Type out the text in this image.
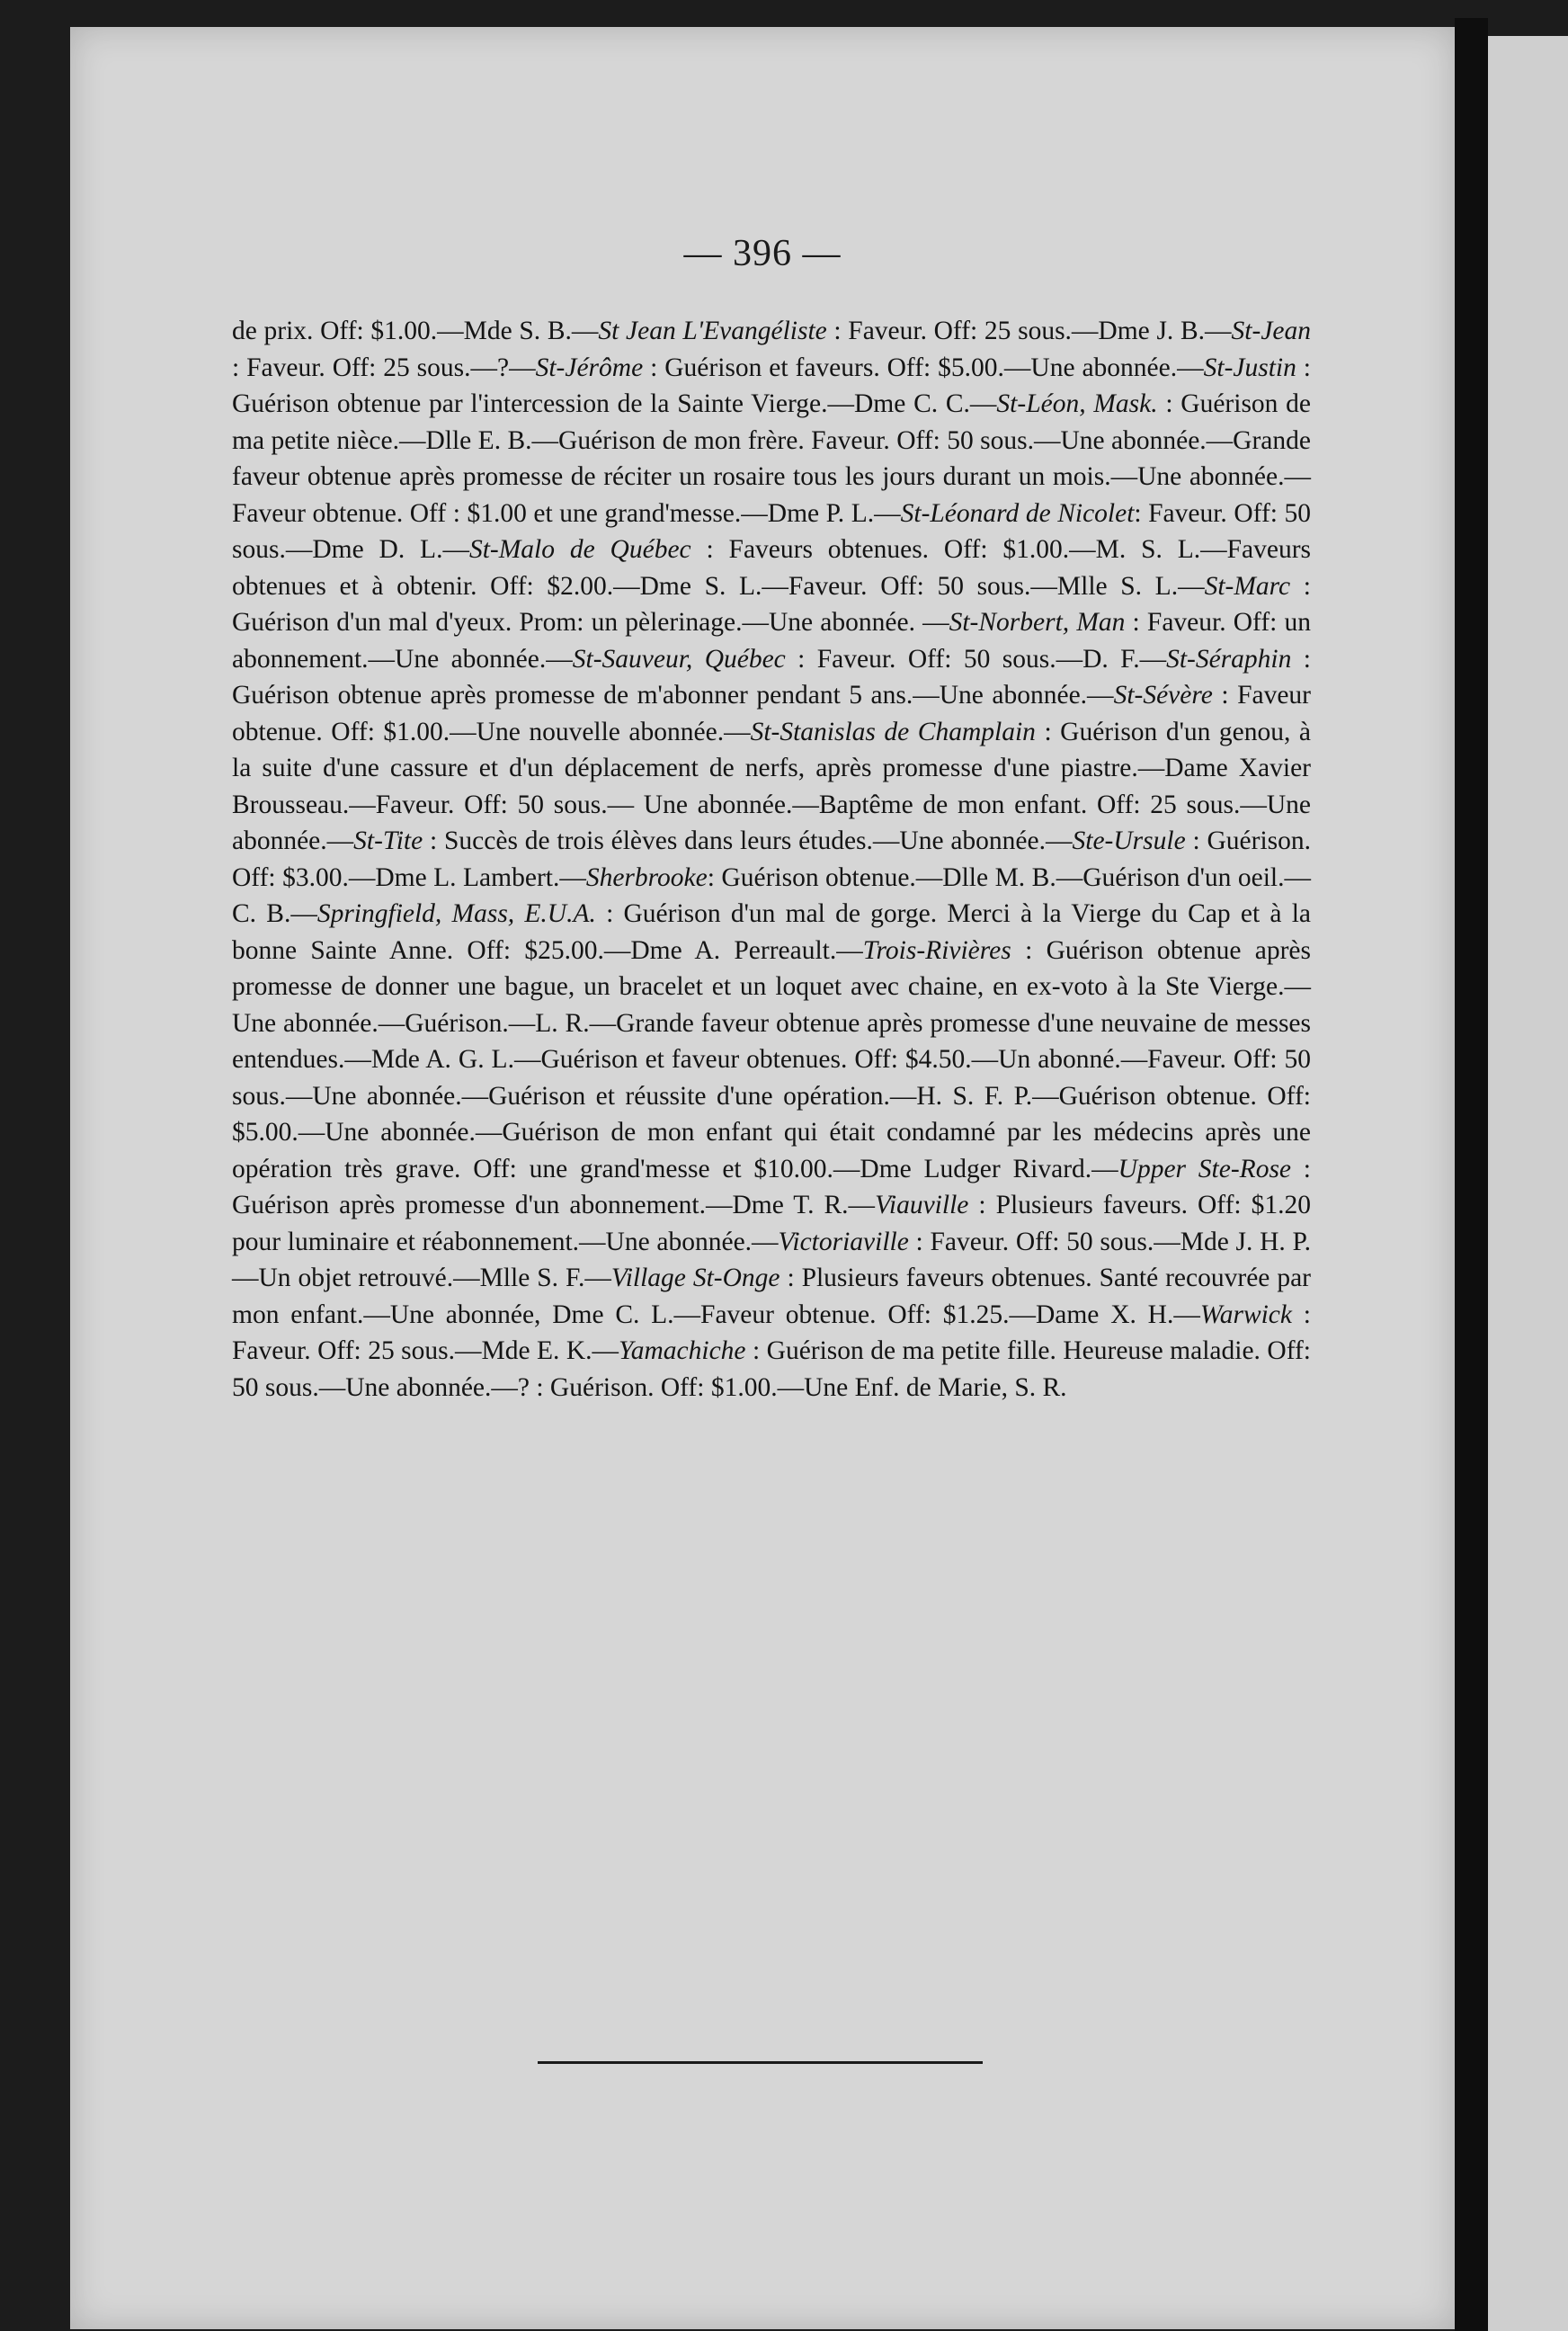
— 396 —
de prix. Off: $1.00.—Mde S. B.—St Jean L'Evangéliste : Faveur. Off: 25 sous.—Dme J. B.—St-Jean : Faveur. Off: 25 sous.—?—St-Jérôme : Guérison et faveurs. Off: $5.00.—Une abonnée.—St-Justin : Guérison obtenue par l'intercession de la Sainte Vierge.—Dme C. C.—St-Léon, Mask. : Guérison de ma petite nièce.—Dlle E. B.—Guérison de mon frère. Faveur. Off: 50 sous.—Une abonnée.—Grande faveur obtenue après promesse de réciter un rosaire tous les jours durant un mois.—Une abonnée.—Faveur obtenue. Off : $1.00 et une grand'messe.—Dme P. L.—St-Léonard de Nicolet: Faveur. Off: 50 sous.—Dme D. L.—St-Malo de Québec : Faveurs obtenues. Off: $1.00.—M. S. L.—Faveurs obtenues et à obtenir. Off: $2.00.—Dme S. L.—Faveur. Off: 50 sous.—Mlle S. L.—St-Marc : Guérison d'un mal d'yeux. Prom: un pèlerinage.—Une abonnée. —St-Norbert, Man : Faveur. Off: un abonnement.—Une abonnée.—St-Sauveur, Québec : Faveur. Off: 50 sous.—D. F.—St-Séraphin : Guérison obtenue après promesse de m'abonner pendant 5 ans.—Une abonnée.—St-Sévère : Faveur obtenue. Off: $1.00.—Une nouvelle abonnée.—St-Stanislas de Champlain : Guérison d'un genou, à la suite d'une cassure et d'un déplacement de nerfs, après promesse d'une piastre.—Dame Xavier Brousseau.—Faveur. Off: 50 sous.— Une abonnée.—Baptême de mon enfant. Off: 25 sous.—Une abonnée.—St-Tite : Succès de trois élèves dans leurs études.—Une abonnée.—Ste-Ursule : Guérison. Off: $3.00.—Dme L. Lambert.—Sherbrooke: Guérison obtenue.—Dlle M. B.—Guérison d'un oeil.—C. B.—Springfield, Mass, E.U.A. : Guérison d'un mal de gorge. Merci à la Vierge du Cap et à la bonne Sainte Anne. Off: $25.00.—Dme A. Perreault.—Trois-Rivières : Guérison obtenue après promesse de donner une bague, un bracelet et un loquet avec chaine, en ex-voto à la Ste Vierge.—Une abonnée.—Guérison.—L. R.—Grande faveur obtenue après promesse d'une neuvaine de messes entendues.—Mde A. G. L.—Guérison et faveur obtenues. Off: $4.50.—Un abonné.—Faveur. Off: 50 sous.—Une abonnée.—Guérison et réussite d'une opération.—H. S. F. P.—Guérison obtenue. Off: $5.00.—Une abonnée.—Guérison de mon enfant qui était condamné par les médecins après une opération très grave. Off: une grand'messe et $10.00.—Dme Ludger Rivard.—Upper Ste-Rose : Guérison après promesse d'un abonnement.—Dme T. R.—Viauville : Plusieurs faveurs. Off: $1.20 pour luminaire et réabonnement.—Une abonnée.—Victoriaville : Faveur. Off: 50 sous.—Mde J. H. P.—Un objet retrouvé.—Mlle S. F.—Village St-Onge : Plusieurs faveurs obtenues. Santé recouvrée par mon enfant.—Une abonnée, Dme C. L.—Faveur obtenue. Off: $1.25.—Dame X. H.—Warwick : Faveur. Off: 25 sous.—Mde E. K.—Yamachiche : Guérison de ma petite fille. Heureuse maladie. Off: 50 sous.—Une abonnée.—? : Guérison. Off: $1.00.—Une Enf. de Marie, S. R.
